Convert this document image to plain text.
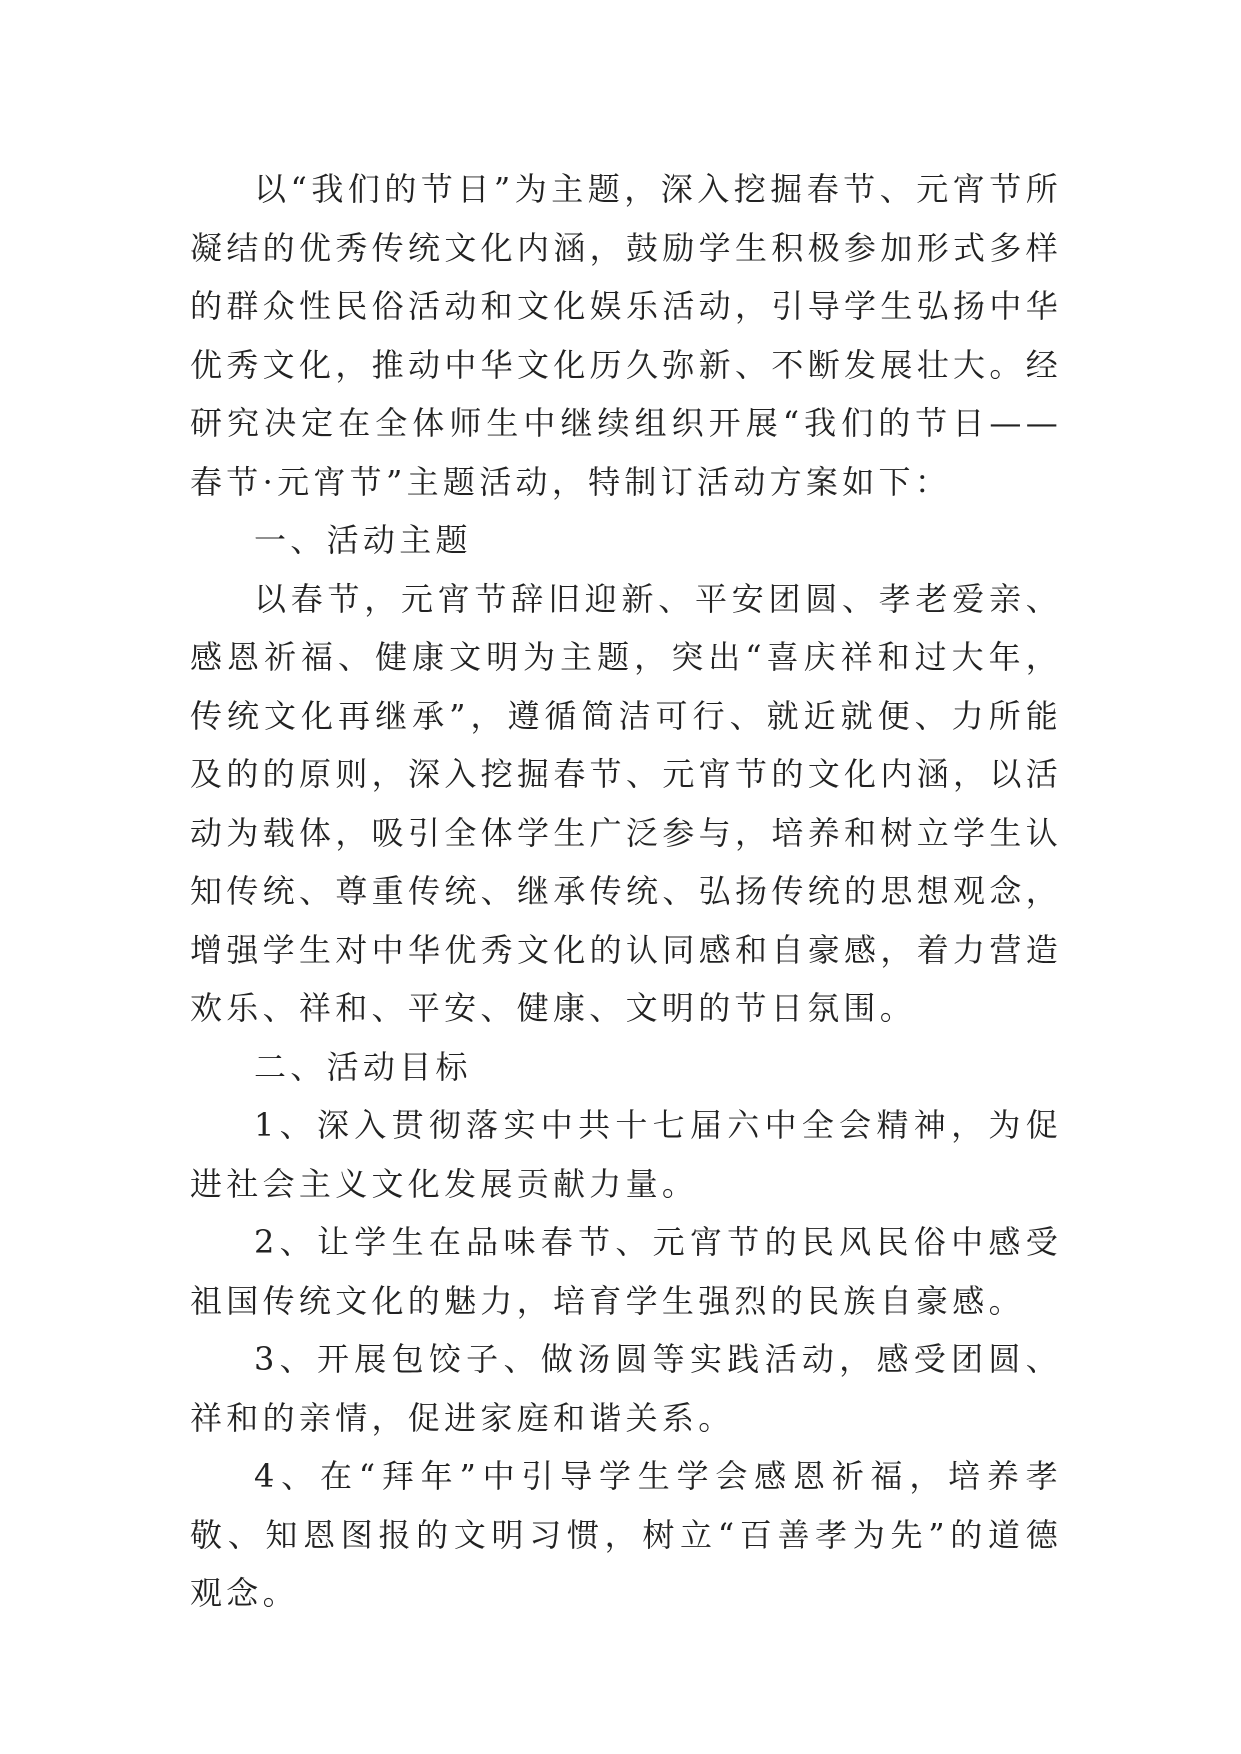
以“我们的节日”为主题，深入挖掘春节、元宵节所凝结的优秀传统文化内涵，鼓励学生积极参加形式多样的群众性民俗活动和文化娱乐活动，引导学生弘扬中华优秀文化，推动中华文化历久弥新、不断发展壮大。经研究决定在全体师生中继续组织开展“我们的节日——春节·元宵节”主题活动，特制订活动方案如下：

一、活动主题

以春节，元宵节辞旧迎新、平安团圆、孝老爱亲、感恩祈福、健康文明为主题，突出“喜庆祥和过大年，传统文化再继承”，遵循简洁可行、就近就便、力所能及的的原则，深入挖掘春节、元宵节的文化内涵，以活动为载体，吸引全体学生广泛参与，培养和树立学生认知传统、尊重传统、继承传统、弘扬传统的思想观念，增强学生对中华优秀文化的认同感和自豪感，着力营造欢乐、祥和、平安、健康、文明的节日氛围。

二、活动目标

1、深入贯彻落实中共十七届六中全会精神，为促进社会主义文化发展贡献力量。

2、让学生在品味春节、元宵节的民风民俗中感受祖国传统文化的魅力，培育学生强烈的民族自豪感。

3、开展包饺子、做汤圆等实践活动，感受团圆、祥和的亲情，促进家庭和谐关系。

4、在“拜年”中引导学生学会感恩祈福，培养孝敬、知恩图报的文明习惯，树立“百善孝为先”的道德观念。
